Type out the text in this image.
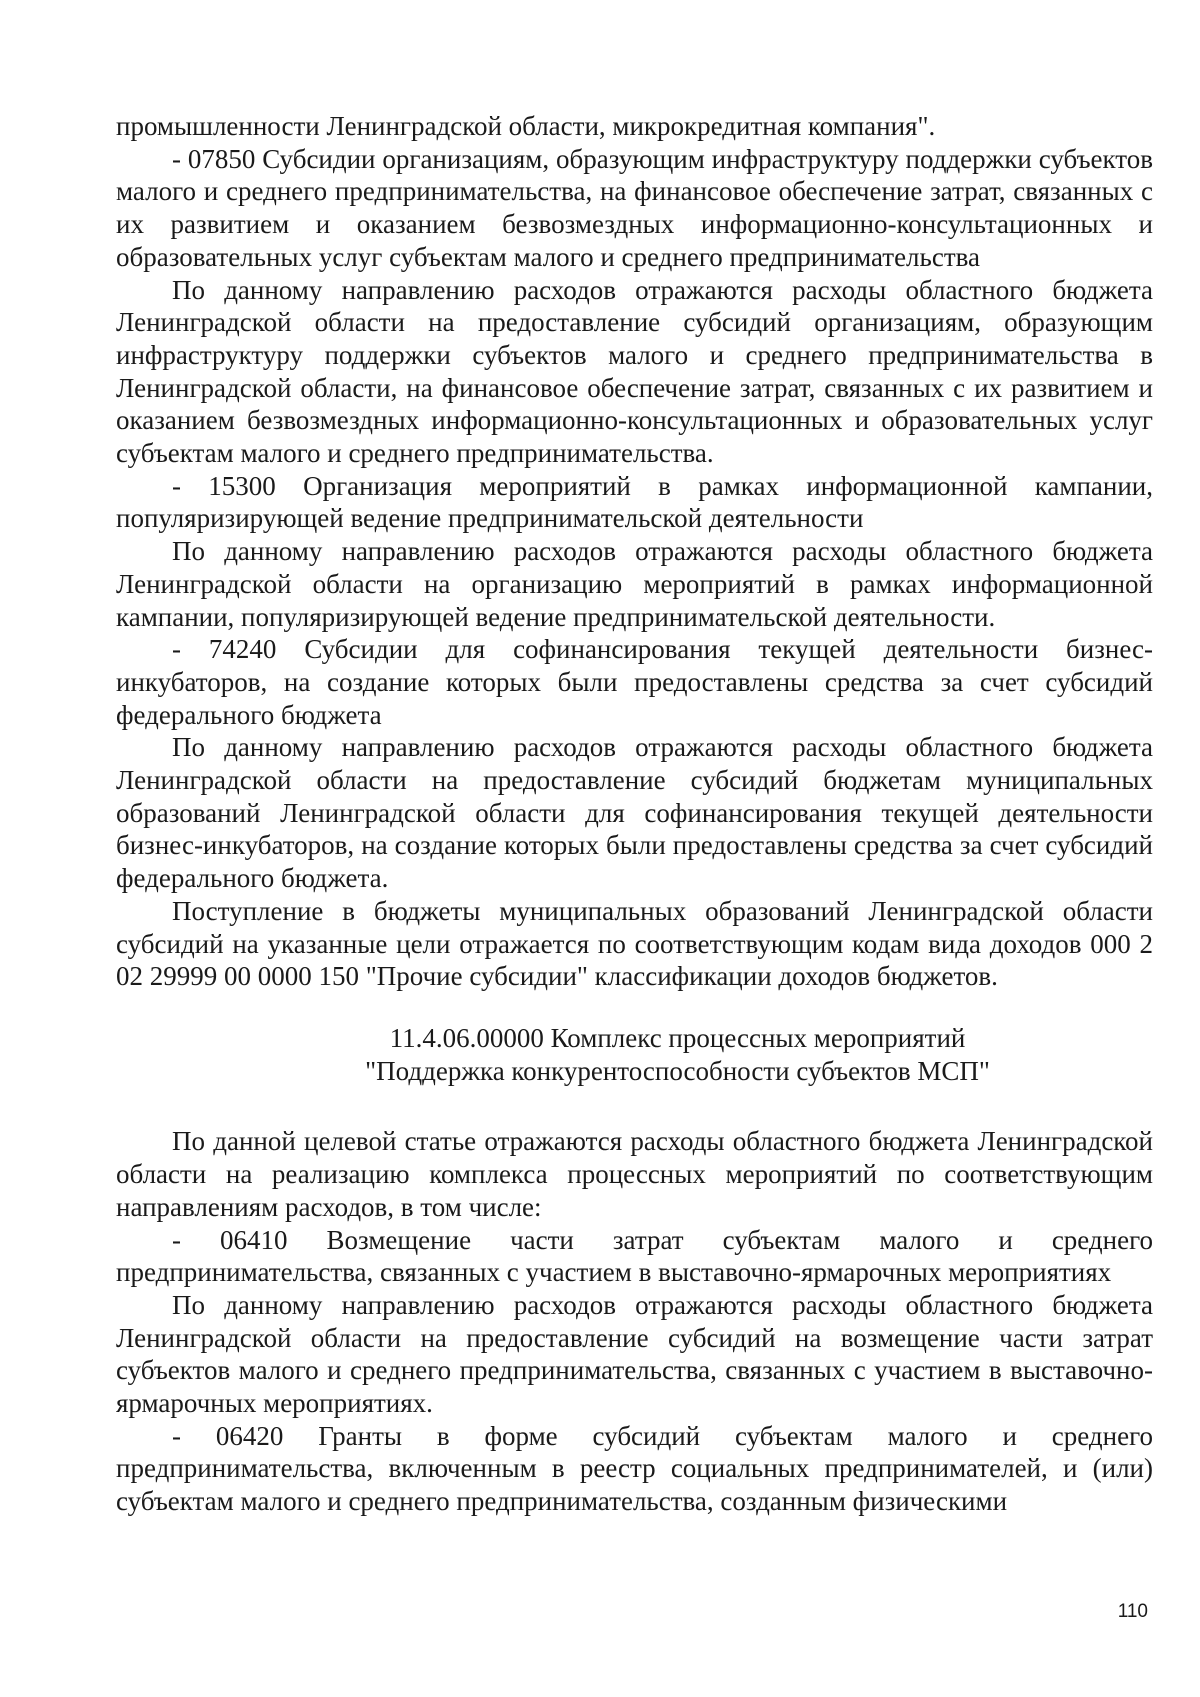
промышленности Ленинградской области, микрокредитная компания".

- 07850 Субсидии организациям, образующим инфраструктуру поддержки субъектов малого и среднего предпринимательства, на финансовое обеспечение затрат, связанных с их развитием и оказанием безвозмездных информационно-консультационных и образовательных услуг субъектам малого и среднего предпринимательства

По данному направлению расходов отражаются расходы областного бюджета Ленинградской области на предоставление субсидий организациям, образующим инфраструктуру поддержки субъектов малого и среднего предпринимательства в Ленинградской области, на финансовое обеспечение затрат, связанных с их развитием и оказанием безвозмездных информационно-консультационных и образовательных услуг субъектам малого и среднего предпринимательства.

- 15300 Организация мероприятий в рамках информационной кампании, популяризирующей ведение предпринимательской деятельности

По данному направлению расходов отражаются расходы областного бюджета Ленинградской области на организацию мероприятий в рамках информационной кампании, популяризирующей ведение предпринимательской деятельности.

- 74240 Субсидии для софинансирования текущей деятельности бизнес-инкубаторов, на создание которых были предоставлены средства за счет субсидий федерального бюджета

По данному направлению расходов отражаются расходы областного бюджета Ленинградской области на предоставление субсидий бюджетам муниципальных образований Ленинградской области для софинансирования текущей деятельности бизнес-инкубаторов, на создание которых были предоставлены средства за счет субсидий федерального бюджета.

Поступление в бюджеты муниципальных образований Ленинградской области субсидий на указанные цели отражается по соответствующим кодам вида доходов 000 2 02 29999 00 0000 150 "Прочие субсидии" классификации доходов бюджетов.

11.4.06.00000 Комплекс процессных мероприятий
"Поддержка конкурентоспособности субъектов МСП"

По данной целевой статье отражаются расходы областного бюджета Ленинградской области на реализацию комплекса процессных мероприятий по соответствующим направлениям расходов, в том числе:

- 06410 Возмещение части затрат субъектам малого и среднего предпринимательства, связанных с участием в выставочно-ярмарочных мероприятиях

По данному направлению расходов отражаются расходы областного бюджета Ленинградской области на предоставление субсидий на возмещение части затрат субъектов малого и среднего предпринимательства, связанных с участием в выставочно-ярмарочных мероприятиях.

- 06420 Гранты в форме субсидий субъектам малого и среднего предпринимательства, включенным в реестр социальных предпринимателей, и (или) субъектам малого и среднего предпринимательства, созданным физическими

110
